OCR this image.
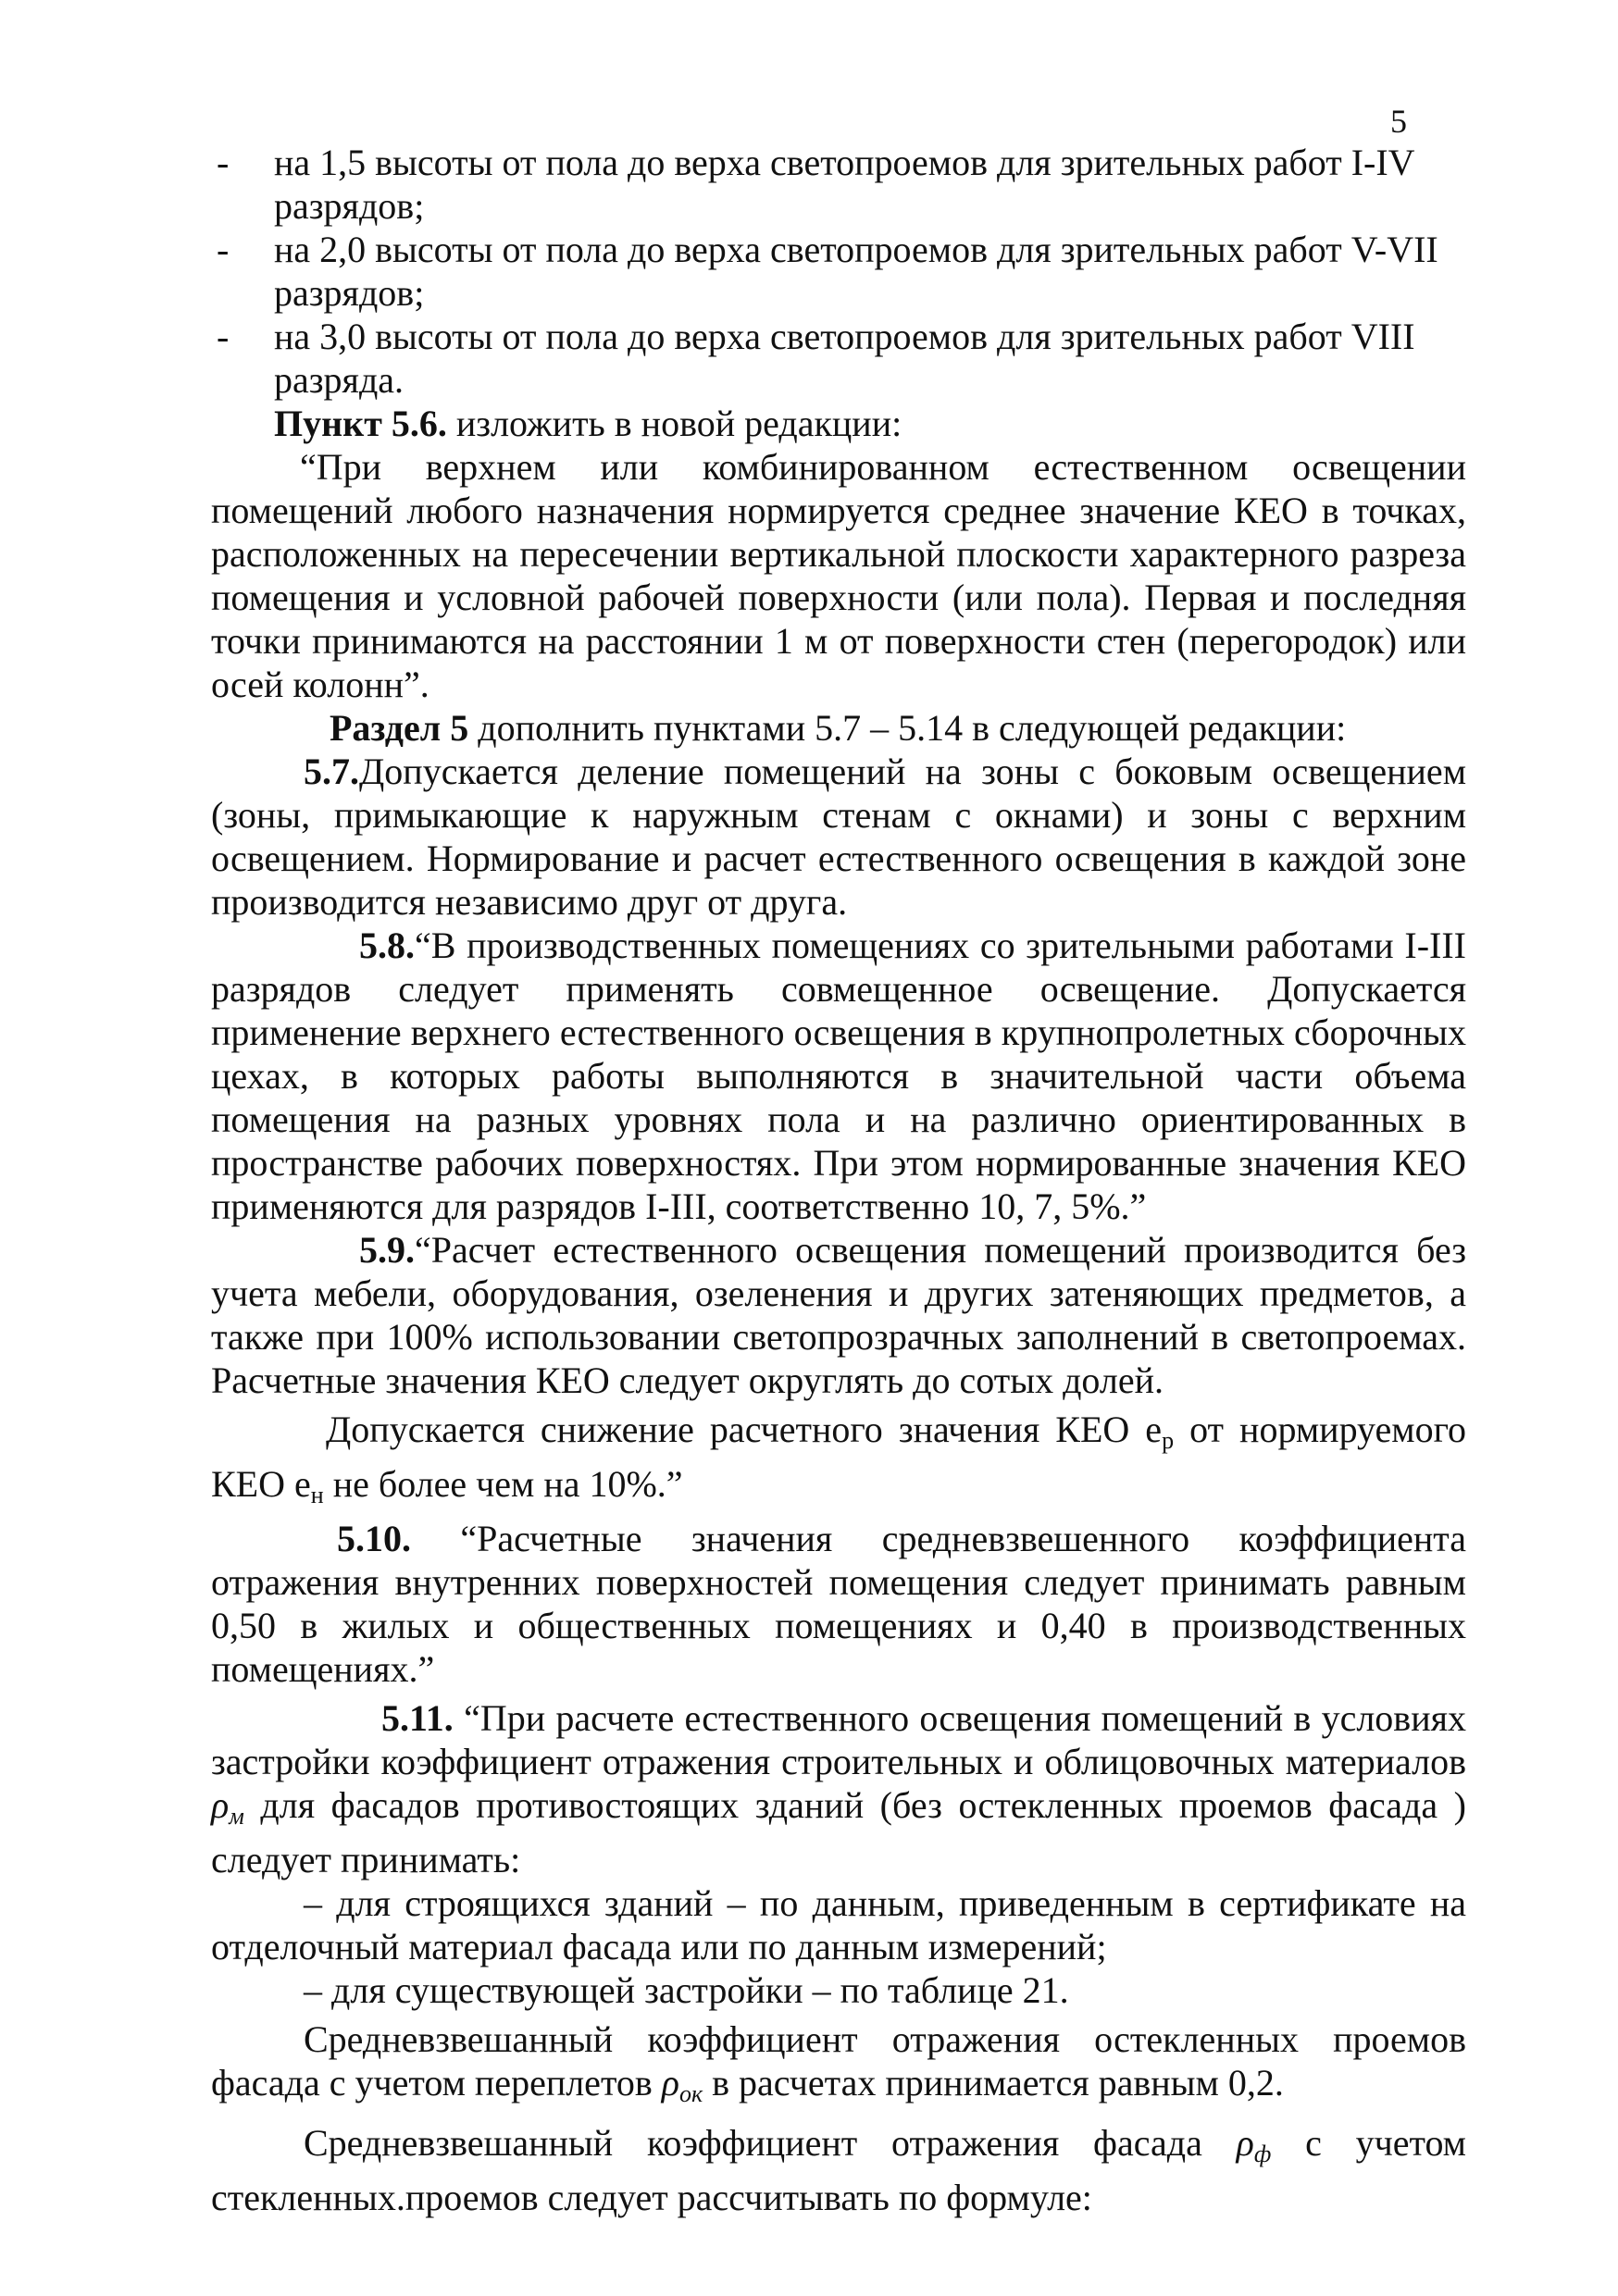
5
- на 1,5 высоты от пола до верха светопроемов для зрительных работ I-IV разрядов;
- на 2,0 высоты от пола до верха светопроемов для зрительных работ V-VII разрядов;
- на 3,0 высоты от пола до верха светопроемов для зрительных работ VIII разряда.

Пункт 5.6. изложить в новой редакции:

“При верхнем или комбинированном естественном освещении помещений любого назначения нормируется среднее значение КЕО в точках, расположенных на пересечении вертикальной плоскости характерного разреза помещения и условной рабочей поверхности (или пола). Первая и последняя точки принимаются на расстоянии 1 м от поверхности стен (перегородок) или осей колонн”.

Раздел 5 дополнить пунктами 5.7 – 5.14 в следующей редакции:

5.7.Допускается деление помещений на зоны с боковым освещением (зоны, примыкающие к наружным стенам с окнами) и зоны с верхним освещением. Нормирование и расчет естественного освещения в каждой зоне производится независимо друг от друга.

5.8.“В производственных помещениях со зрительными работами I-III разрядов следует применять совмещенное освещение. Допускается применение верхнего естественного освещения в крупнопролетных сборочных цехах, в которых работы выполняются в значительной части объема помещения на разных уровнях пола и на различно ориентированных в пространстве рабочих поверхностях. При этом нормированные значения КЕО применяются для разрядов I-III, соответственно 10, 7, 5%.”

5.9.“Расчет естественного освещения помещений производится без учета мебели, оборудования, озеленения и других затеняющих предметов, а также при 100% использовании светопрозрачных заполнений в светопроемах. Расчетные значения КЕО следует округлять до сотых долей.

Допускается снижение расчетного значения КЕО $е_р$ от нормируемого КЕО $е_н$ не более чем на 10%.”

5.10. “Расчетные значения средневзвешенного коэффициента отражения внутренних поверхностей помещения следует принимать равным 0,50 в жилых и общественных помещениях и 0,40 в производственных помещениях.”

5.11. “При расчете естественного освещения помещений в условиях застройки коэффициент отражения строительных и облицовочных материалов $\rho_м$ для фасадов противостоящих зданий (без остекленных проемов фасада ) следует принимать:

– для строящихся зданий – по данным, приведенным в сертификате на отделочный материал фасада или по данным измерений;
– для существующей застройки – по таблице 21.

Средневзвешанный коэффициент отражения остекленных проемов фасада с учетом переплетов $\rho_{ок}$ в расчетах принимается равным 0,2.

Средневзвешанный коэффициент отражения фасада $\rho_ф$ с учетом стекленных.проемов следует рассчитывать по формуле:
